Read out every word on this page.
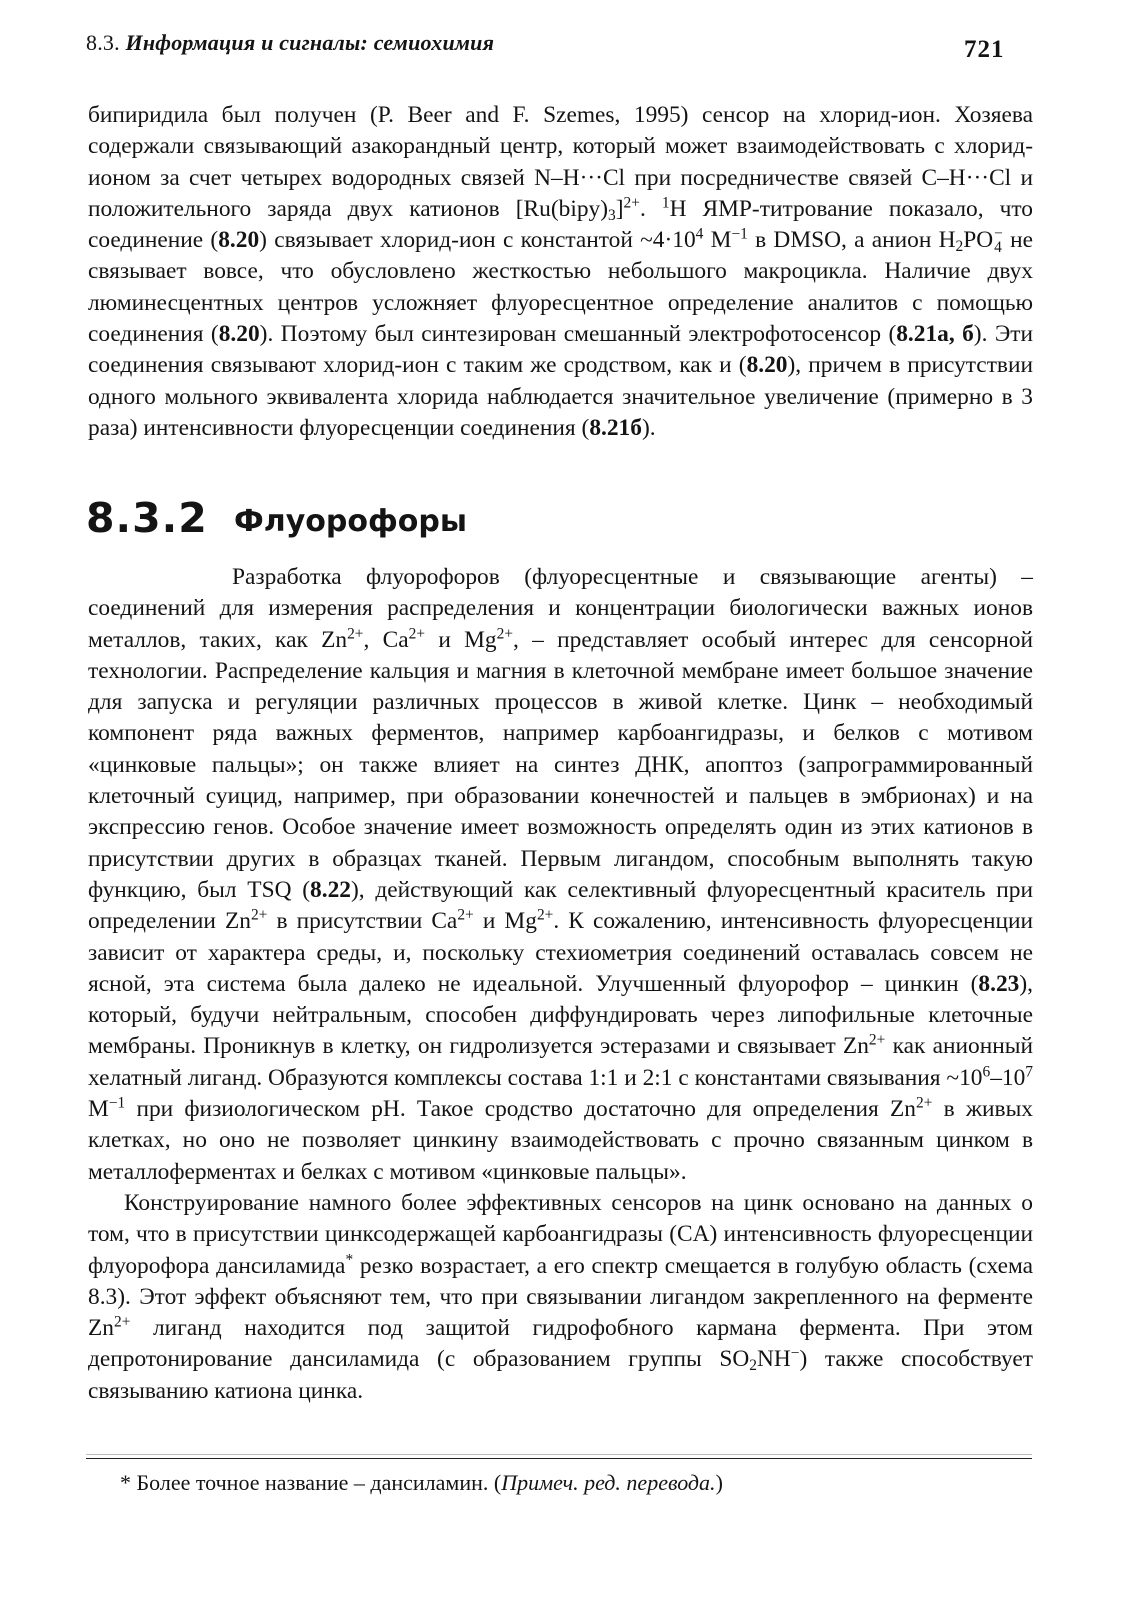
8.3. Информация и сигналы: семиохимия	721

бипиридила был получен (P. Beer and F. Szemes, 1995) сенсор на хлорид-ион. Хозяева содержали связывающий азакорандный центр, который может взаимодействовать с хлорид-ионом за счет четырех водородных связей N–H···Cl при посредничестве связей C–H···Cl и положительного заряда двух катионов $[Ru(bipy)_3]^{2+}$. $^1$H ЯМР-титрование показало, что соединение (8.20) связывает хлорид-ион с константой $\sim 4\cdot 10^4$ $M^{-1}$ в DMSO, а анион $H_2PO$ −
4 не связывает вовсе, что обусловлено жесткостью небольшого макроцикла. Наличие двух люминесцентных центров усложняет флуоресцентное определение аналитов с помощью соединения (8.20). Поэтому был синтезирован смешанный электрофотосенсор (8.21а, б). Эти соединения связывают хлорид-ион с таким же сродством, как и (8.20), причем в присутствии одного мольного эквивалента хлорида наблюдается значительное увеличение (примерно в 3 раза) интенсивности флуоресценции соединения (8.21б).

8.3.2 Флуорофоры

Разработка флуорофоров (флуоресцентные и связывающие агенты) – соединений для измерения распределения и концентрации биологически важных ионов металлов, таких, как $Zn^{2+}$, $Ca^{2+}$ и $Mg^{2+}$, – представляет особый интерес для сенсорной технологии. Распределение кальция и магния в клеточной мембране имеет большое значение для запуска и регуляции различных процессов в живой клетке. Цинк – необходимый компонент ряда важных ферментов, например карбоангидразы, и белков с мотивом «цинковые пальцы»; он также влияет на синтез ДНК, апоптоз (запрограммированный клеточный суицид, например, при образовании конечностей и пальцев в эмбрионах) и на экспрессию генов. Особое значение имеет возможность определять один из этих катионов в присутствии других в образцах тканей. Первым лигандом, способным выполнять такую функцию, был TSQ (8.22), действующий как селективный флуоресцентный краситель при определении $Zn^{2+}$ в присутствии $Ca^{2+}$ и $Mg^{2+}$. К сожалению, интенсивность флуоресценции зависит от характера среды, и, поскольку стехиометрия соединений оставалась совсем не ясной, эта система была далеко не идеальной. Улучшенный флуорофор – цинкин (8.23), который, будучи нейтральным, способен диффундировать через липофильные клеточные мембраны. Проникнув в клетку, он гидролизуется эстеразами и связывает $Zn^{2+}$ как анионный хелатный лиганд. Образуются комплексы состава 1:1 и 2:1 с константами связывания $\sim 10^6-10^7$ $M^{-1}$ при физиологическом pH. Такое сродство достаточно для определения $Zn^{2+}$ в живых клетках, но оно не позволяет цинкину взаимодействовать с прочно связанным цинком в металлоферментах и белках с мотивом «цинковые пальцы».

Конструирование намного более эффективных сенсоров на цинк основано на данных о том, что в присутствии цинксодержащей карбоангидразы (CA) интенсивность флуоресценции флуорофора дансиламида* резко возрастает, а его спектр смещается в голубую область (схема 8.3). Этот эффект объясняют тем, что при связывании лигандом закрепленного на ферменте $Zn^{2+}$ лиганд находится под защитой гидрофобного кармана фермента. При этом депротонирование дансиламида (с образованием группы $SO_2NH^-$) также способствует связыванию катиона цинка.

* Более точное название – дансиламин. (Примеч. ред. перевода.)
